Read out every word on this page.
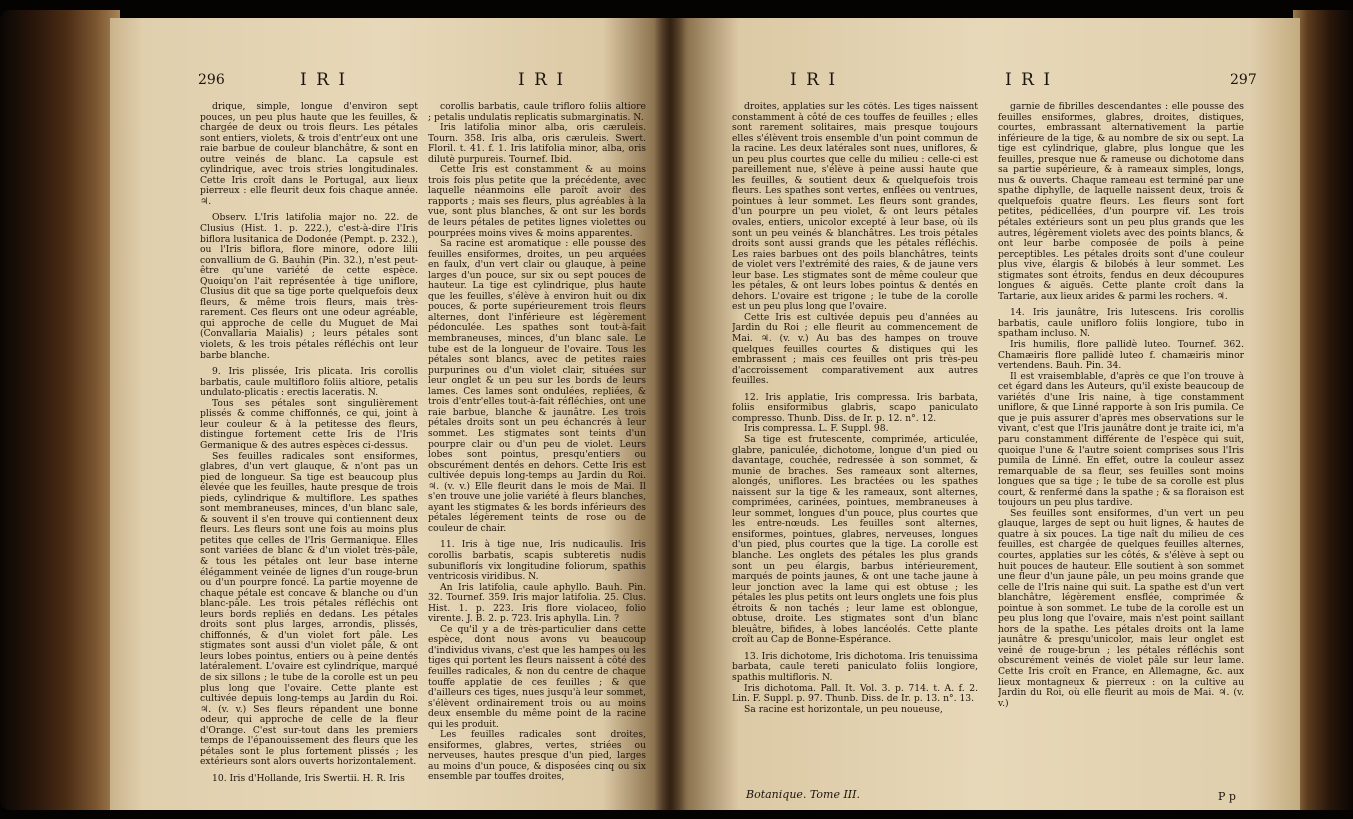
296	I R I	I R I

drique, simple, longue d'environ sept pouces, un peu plus haute que les feuilles, & chargée de deux ou trois fleurs. Les pétales sont entiers, violets, & trois d'entr'eux ont une raie barbue de couleur blanchâtre, & sont en outre veinés de blanc. La capsule est cylindrique, avec trois stries longitudinales. Cette Iris croît dans le Portugal, aux lieux pierreux : elle fleurit deux fois chaque année. ♃.

Observ. L'Iris latifolia major no. 22. de Clusius (Hist. 1. p. 222.), c'est-à-dire l'Iris biflora lusitanica de Dodonée (Pempt. p. 232.), ou l'Iris biflora, flore minore, odore lilii convallium de G. Bauhin (Pin. 32.), n'est peut-être qu'une variété de cette espèce. Quoiqu'on l'ait représentée à tige uniflore, Clusius dit que sa tige porte quelquefois deux fleurs, & même trois fleurs, mais très-rarement. Ces fleurs ont une odeur agréable, qui approche de celle du Muguet de Mai (Convallaria Maialis) ; leurs pétales sont violets, & les trois pétales réfléchis ont leur barbe blanche.

9. Iris plissée, Iris plicata. Iris corollis barbatis, caule multifloro foliis altiore, petalis undulato-plicatis : erectis laceratis. N.

Tous ses pétales sont singulièrement plissés & comme chiffonnés, ce qui, joint à leur couleur & à la petitesse des fleurs, distingue fortement cette Iris de l'Iris Germanique & des autres espèces ci-dessus.

Ses feuilles radicales sont ensiformes, glabres, d'un vert glauque, & n'ont pas un pied de longueur. Sa tige est beaucoup plus élevée que les feuilles, haute presque de trois pieds, cylindrique & multiflore. Les spathes sont membraneuses, minces, d'un blanc sale, & souvent il s'en trouve qui contiennent deux fleurs. Les fleurs sont une fois au moins plus petites que celles de l'Iris Germanique. Elles sont variées de blanc & d'un violet très-pâle, & tous les pétales ont leur base interne élégamment veinée de lignes d'un rouge-brun ou d'un pourpre foncé. La partie moyenne de chaque pétale est concave & blanche ou d'un blanc-pâle. Les trois pétales réfléchis ont leurs bords repliés en dedans. Les pétales droits sont plus larges, arrondis, plissés, chiffonnés, & d'un violet fort pâle. Les stigmates sont aussi d'un violet pâle, & ont leurs lobes pointus, entiers ou à peine dentés latéralement. L'ovaire est cylindrique, marqué de six sillons ; le tube de la corolle est un peu plus long que l'ovaire. Cette plante est cultivée depuis long-temps au Jardin du Roi. ♃. (v. v.) Ses fleurs répandent une bonne odeur, qui approche de celle de la fleur d'Orange. C'est sur-tout dans les premiers temps de l'épanouissement des fleurs que les pétales sont le plus fortement plissés ; les extérieurs sont alors ouverts horizontalement.

10. Iris d'Hollande, Iris Swertii. H. R. Iris

corollis barbatis, caule triflorо foliis altiore ; petalis undulatis replicatis submarginatis. N.

Iris latifolia minor alba, oris cæruleis. Tourn. 358. Iris alba, oris cæruleis. Swert. Floril. t. 41. f. 1. Iris latifolia minor, alba, oris dilutè purpureis. Tournef. Ibid.

Cette Iris est constamment & au moins trois fois plus petite que la précédente, avec laquelle néanmoins elle paroît avoir des rapports ; mais ses fleurs, plus agréables à la vue, sont plus blanches, & ont sur les bords de leurs pétales de petites lignes violettes ou pourprées moins vives & moins apparentes.

Sa racine est aromatique : elle pousse des feuilles ensiformes, droites, un peu arquées en faulx, d'un vert clair ou glauque, à peine larges d'un pouce, sur six ou sept pouces de hauteur. La tige est cylindrique, plus haute que les feuilles, s'élève à environ huit ou dix pouces, & porte supérieurement trois fleurs alternes, dont l'inférieure est légèrement pédonculée. Les spathes sont tout-à-fait membraneuses, minces, d'un blanc sale. Le tube est de la longueur de l'ovaire. Tous les pétales sont blancs, avec de petites raies purpurines ou d'un violet clair, situées sur leur onglet & un peu sur les bords de leurs lames. Ces lames sont ondulées, repliées, & trois d'entr'elles tout-à-fait réfléchies, ont une raie barbue, blanche & jaunâtre. Les trois pétales droits sont un peu échancrés à leur sommet. Les stigmates sont teints d'un pourpre clair ou d'un peu de violet. Leurs lobes sont pointus, presqu'entiers ou obscurément dentés en dehors. Cette Iris est cultivée depuis long-temps au Jardin du Roi. ♃. (v. v.) Elle fleurit dans le mois de Mai. Il s'en trouve une jolie variété à fleurs blanches, ayant les stigmates & les bords inférieurs des pétales légèrement teints de rose ou de couleur de chair.

11. Iris à tige nue, Iris nudicaulis. Iris corollis barbatis, scapis subteretis nudis subuniflorís vix longitudine foliorum, spathis ventricosis viridibus. N.

An Iris latifolia, caule aphyllo. Bauh. Pin. 32. Tournef. 359. Iris major latifolia. 25. Clus. Hist. 1. p. 223. Iris flore violaceo, folio virente. J. B. 2. p. 723. Iris aphylla. Lin. ?

Ce qu'il y a de très-particulier dans cette espèce, dont nous avons vu beaucoup d'individus vivans, c'est que les hampes ou les tiges qui portent les fleurs naissent à côté des feuilles radicales, & non du centre de chaque touffe applatie de ces feuilles ; & que d'ailleurs ces tiges, nues jusqu'à leur sommet, s'élèvent ordinairement trois ou au moins deux ensemble du même point de la racine qui les produit.

Les feuilles radicales sont droites, ensiformes, glabres, vertes, striées ou nerveuses, hautes presque d'un pied, larges au moins d'un pouce, & disposées cinq ou six ensemble par touffes droites,

I R I	I R I	297

droites, applaties sur les côtés. Les tiges naissent constamment à côté de ces touffes de feuilles ; elles sont rarement solitaires, mais presque toujours elles s'élèvent trois ensemble d'un point commun de la racine. Les deux latérales sont nues, uniflores, & un peu plus courtes que celle du milieu : celle-ci est pareillement nue, s'élève à peine aussi haute que les feuilles, & soutient deux & quelquefois trois fleurs. Les spathes sont vertes, enflées ou ventrues, pointues à leur sommet. Les fleurs sont grandes, d'un pourpre un peu violet, & ont leurs pétales ovales, entiers, unicolor excepté à leur base, où ils sont un peu veinés & blanchâtres. Les trois pétales droits sont aussi grands que les pétales réfléchis. Les raies barbues ont des poils blanchâtres, teints de violet vers l'extrémité des raies, & de jaune vers leur base. Les stigmates sont de même couleur que les pétales, & ont leurs lobes pointus & dentés en dehors. L'ovaire est trigone ; le tube de la corolle est un peu plus long que l'ovaire.

Cette Iris est cultivée depuis peu d'années au Jardin du Roi ; elle fleurit au commencement de Mai. ♃. (v. v.) Au bas des hampes on trouve quelques feuilles courtes & distiques qui les embrassent ; mais ces feuilles ont pris très-peu d'accroissement comparativement aux autres feuilles.

12. Iris applatie, Iris compressa. Iris barbata, foliis ensiformibus glabris, scapo paniculato compresso. Thunb. Diss. de Ir. p. 12. n°. 12.

Iris compressa. L. F. Suppl. 98.

Sa tige est frutescente, comprimée, articulée, glabre, paniculée, dichotome, longue d'un pied ou davantage, couchée, redressée à son sommet, & munie de braches. Ses rameaux sont alternes, alongés, uniflores. Les bractées ou les spathes naissent sur la tige & les rameaux, sont alternes, comprimées, carinées, pointues, membraneuses à leur sommet, longues d'un pouce, plus courtes que les entre-nœuds. Les feuilles sont alternes, ensiformes, pointues, glabres, nerveuses, longues d'un pied, plus courtes que la tige. La corolle est blanche. Les onglets des pétales les plus grands sont un peu élargis, barbus intérieurement, marqués de points jaunes, & ont une tache jaune à leur jonction avec la lame qui est obtuse ; les pétales les plus petits ont leurs onglets une fois plus étroits & non tachés ; leur lame est oblongue, obtuse, droite. Les stigmates sont d'un blanc bleuâtre, bifides, à lobes lancéolés. Cette plante croît au Cap de Bonne-Espérance.

13. Iris dichotome, Iris dichotoma. Iris tenuissima barbata, caule tereti paniculato foliis longiore, spathis multifloris. N.

Iris dichotoma. Pall. It. Vol. 3. p. 714. t. A. f. 2. Lin. F. Suppl. p. 97. Thunb. Diss. de Ir. p. 13. n°. 13.

Sa racine est horizontale, un peu noueuse,

Botanique. Tome III.

garnie de fibrilles descendantes : elle pousse des feuilles ensiformes, glabres, droites, distiques, courtes, embrassant alternativement la partie inférieure de la tige, & au nombre de six ou sept. La tige est cylindrique, glabre, plus longue que les feuilles, presque nue & rameuse ou dichotome dans sa partie supérieure, & à rameaux simples, longs, nus & ouverts. Chaque rameau est terminé par une spathe diphylle, de laquelle naissent deux, trois & quelquefois quatre fleurs. Les fleurs sont fort petites, pédicellées, d'un pourpre vif. Les trois pétales extérieurs sont un peu plus grands que les autres, légèrement violets avec des points blancs, & ont leur barbe composée de poils à peine perceptibles. Les pétales droits sont d'une couleur plus vive, élargis & bilobés à leur sommet. Les stigmates sont étroits, fendus en deux découpures longues & aiguës. Cette plante croît dans la Tartarie, aux lieux arides & parmi les rochers. ♃.

14. Iris jaunâtre, Iris lutescens. Iris corollis barbatis, caule unifloro foliis longiore, tubo in spatham incluso. N.

Iris humilis, flore pallidè luteo. Tournef. 362. Chamæiris flore pallidè luteo f. chamæiris minor vertendens. Bauh. Pin. 34.

Il est vraisemblable, d'après ce que l'on trouve à cet égard dans les Auteurs, qu'il existe beaucoup de variétés d'une Iris naine, à tige constamment uniflore, & que Linné rapporte à son Iris pumila. Ce que je puis assurer d'après mes observations sur le vivant, c'est que l'Iris jaunâtre dont je traite ici, m'a paru constamment différente de l'espèce qui suit, quoique l'une & l'autre soient comprises sous l'Iris pumila de Linné. En effet, outre la couleur assez remarquable de sa fleur, ses feuilles sont moins longues que sa tige ; le tube de sa corolle est plus court, & renfermé dans la spathe ; & sa floraison est toujours un peu plus tardive.

Ses feuilles sont ensiformes, d'un vert un peu glauque, larges de sept ou huit lignes, & hautes de quatre à six pouces. La tige naît du milieu de ces feuilles, est chargée de quelques feuilles alternes, courtes, applaties sur les côtés, & s'élève à sept ou huit pouces de hauteur. Elle soutient à son sommet une fleur d'un jaune pâle, un peu moins grande que celle de l'Iris naine qui suit. La spathe est d'un vert blanchâtre, légèrement ensflée, comprimée & pointue à son sommet. Le tube de la corolle est un peu plus long que l'ovaire, mais n'est point saillant hors de la spathe. Les pétales droits ont la lame jaunâtre & presqu'unicolor, mais leur onglet est veiné de rouge-brun ; les pétales réfléchis sont obscurément veinés de violet pâle sur leur lame. Cette Iris croît en France, en Allemagne, &c. aux lieux montagneux & pierreux : on la cultive au Jardin du Roi, où elle fleurit au mois de Mai. ♃. (v. v.)

P p
